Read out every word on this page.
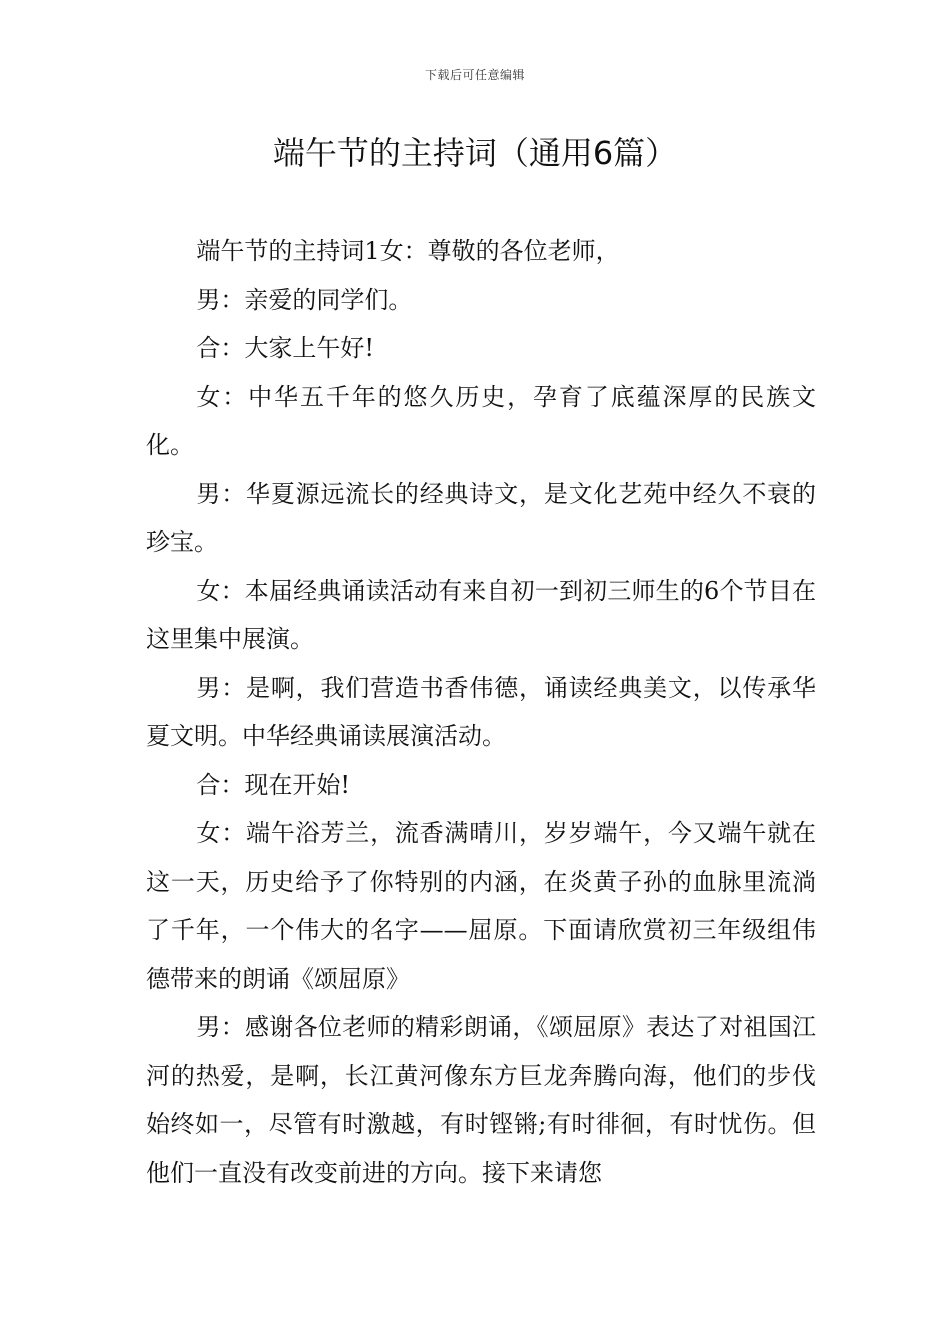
下载后可任意编辑
端午节的主持词（通用6篇）

端午节的主持词1女：尊敬的各位老师，

男：亲爱的同学们。

合：大家上午好!

女：中华五千年的悠久历史，孕育了底蕴深厚的民族文化。

男：华夏源远流长的经典诗文，是文化艺苑中经久不衰的珍宝。

女：本届经典诵读活动有来自初一到初三师生的6个节目在这里集中展演。

男：是啊，我们营造书香伟德，诵读经典美文，以传承华夏文明。中华经典诵读展演活动。

合：现在开始!

女：端午浴芳兰，流香满晴川，岁岁端午，今又端午就在这一天，历史给予了你特别的内涵，在炎黄子孙的血脉里流淌了千年，一个伟大的名字——屈原。下面请欣赏初三年级组伟德带来的朗诵《颂屈原》

男：感谢各位老师的精彩朗诵，《颂屈原》表达了对祖国江河的热爱，是啊，长江黄河像东方巨龙奔腾向海，他们的步伐始终如一，尽管有时激越，有时铿锵;有时徘徊，有时忧伤。但他们一直没有改变前进的方向。接下来请您
